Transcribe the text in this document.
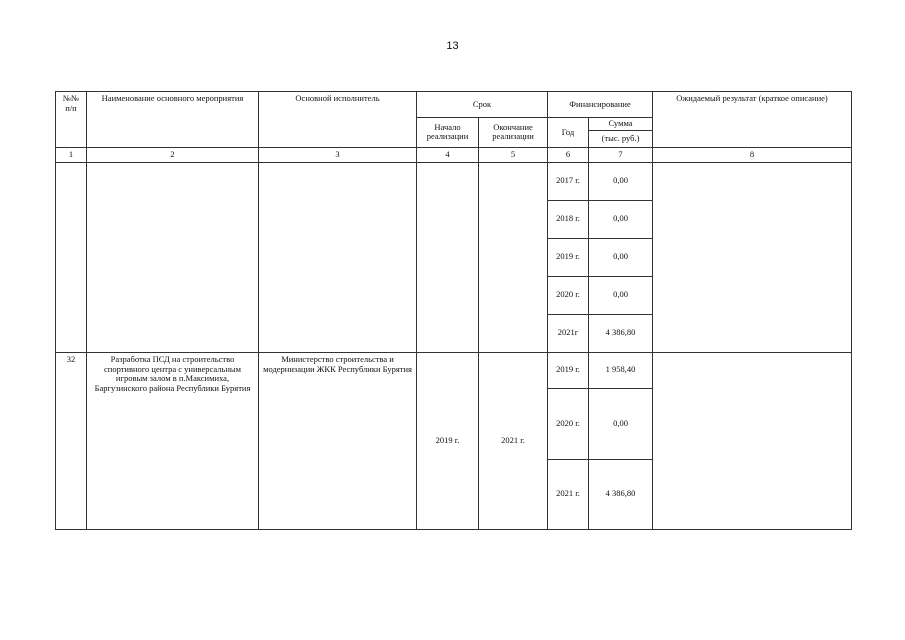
13
№№ п/п	Наименование основного мероприятия	Основной исполнитель	Срок		Финансирование		Ожидаемый результат (краткое описание)
			Начало реализации	Окончание реализации	Год	Сумма	
						(тыс. руб.)	
1	2	3	4	5	6	7	8
					2017 г.	0,00	
					2018 г.	0,00	
					2019 г.	0,00	
					2020 г.	0,00	
					2021г	4 386,80	
32	Разработка ПСД на строительство спортивного центра с универсальным игровым залом в п.Максимиха, Баргузинского района Республики Бурятия	Министерство строительства и модернизации ЖКК Республики Бурятия	2019 г.	2021 г.	2019 г.	1 958,40	
					2020 г.	0,00	
					2021 г.	4 386,80	
